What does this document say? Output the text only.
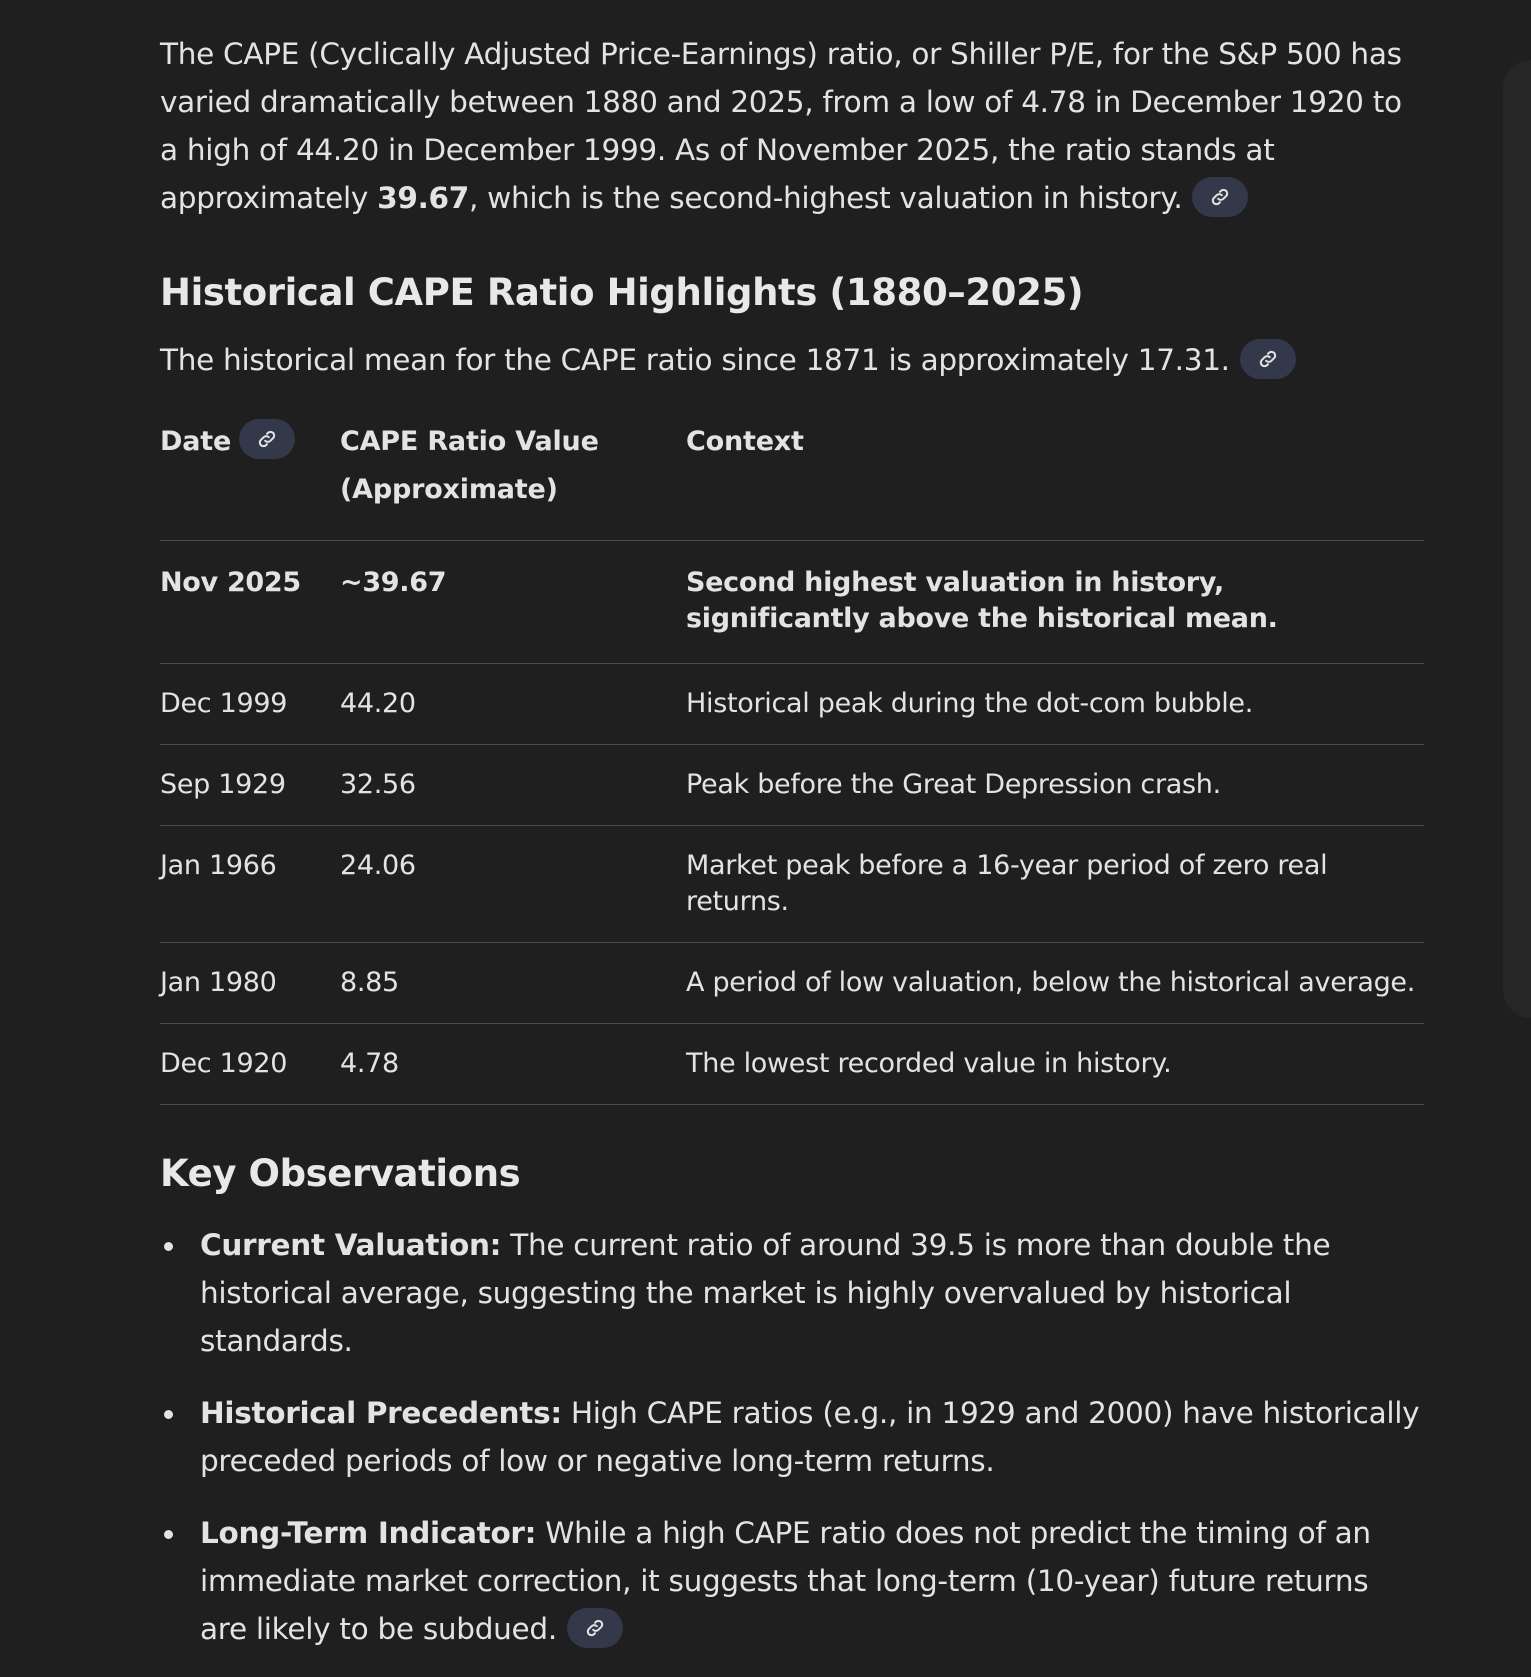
The CAPE (Cyclically Adjusted Price-Earnings) ratio, or Shiller P/E, for the S&P 500 has varied dramatically between 1880 and 2025, from a low of 4.78 in December 1920 to a high of 44.20 in December 1999. As of November 2025, the ratio stands at approximately 39.67, which is the second-highest valuation in history.

Historical CAPE Ratio Highlights (1880–2025)

The historical mean for the CAPE ratio since 1871 is approximately 17.31.

Date	CAPE Ratio Value (Approximate)	Context
Nov 2025	~39.67	Second highest valuation in history, significantly above the historical mean.
Dec 1999	44.20	Historical peak during the dot-com bubble.
Sep 1929	32.56	Peak before the Great Depression crash.
Jan 1966	24.06	Market peak before a 16-year period of zero real returns.
Jan 1980	8.85	A period of low valuation, below the historical average.
Dec 1920	4.78	The lowest recorded value in history.
Key Observations
Current Valuation: The current ratio of around 39.5 is more than double the historical average, suggesting the market is highly overvalued by historical standards.
Historical Precedents: High CAPE ratios (e.g., in 1929 and 2000) have historically preceded periods of low or negative long-term returns.
Long-Term Indicator: While a high CAPE ratio does not predict the timing of an immediate market correction, it suggests that long-term (10-year) future returns are likely to be subdued.
